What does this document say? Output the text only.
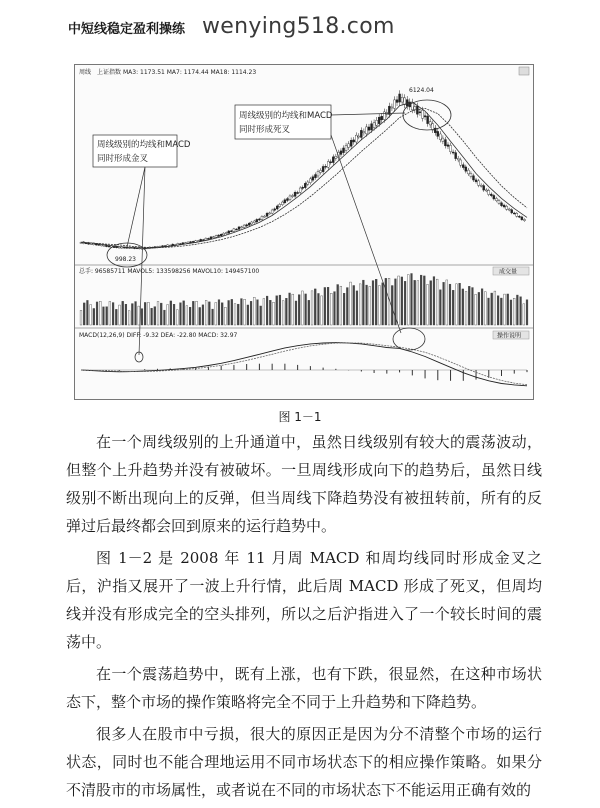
中短线稳定盈利操练 wenying518.com
周线 上证指数 MA3: 1173.51 MA7: 1174.44 MA18: 1114.23
6124.04
998.23
总手: 96585711 MAVOL5: 133598256 MAVOL10: 149457100	成交量
MACD(12,26,9) DIFF: -9.32 DEA: -22.80 MACD: 32.97	操作说明
周线级别的均线和MACD
同时形成金叉
周线级别的均线和MACD
同时形成死叉
图 1－1

在一个周线级别的上升通道中，虽然日线级别有较大的震荡波动，但整个上升趋势并没有被破坏。一旦周线形成向下的趋势后，虽然日线级别不断出现向上的反弹，但当周线下降趋势没有被扭转前，所有的反弹过后最终都会回到原来的运行趋势中。

图 1－2 是 2008 年 11 月周 MACD 和周均线同时形成金叉之后，沪指又展开了一波上升行情，此后周 MACD 形成了死叉，但周均线并没有形成完全的空头排列，所以之后沪指进入了一个较长时间的震荡中。

在一个震荡趋势中，既有上涨，也有下跌，很显然，在这种市场状态下，整个市场的操作策略将完全不同于上升趋势和下降趋势。

很多人在股市中亏损，很大的原因正是因为分不清整个市场的运行状态，同时也不能合理地运用不同市场状态下的相应操作策略。如果分不清股市的市场属性，或者说在不同的市场状态下不能运用正确有效的
